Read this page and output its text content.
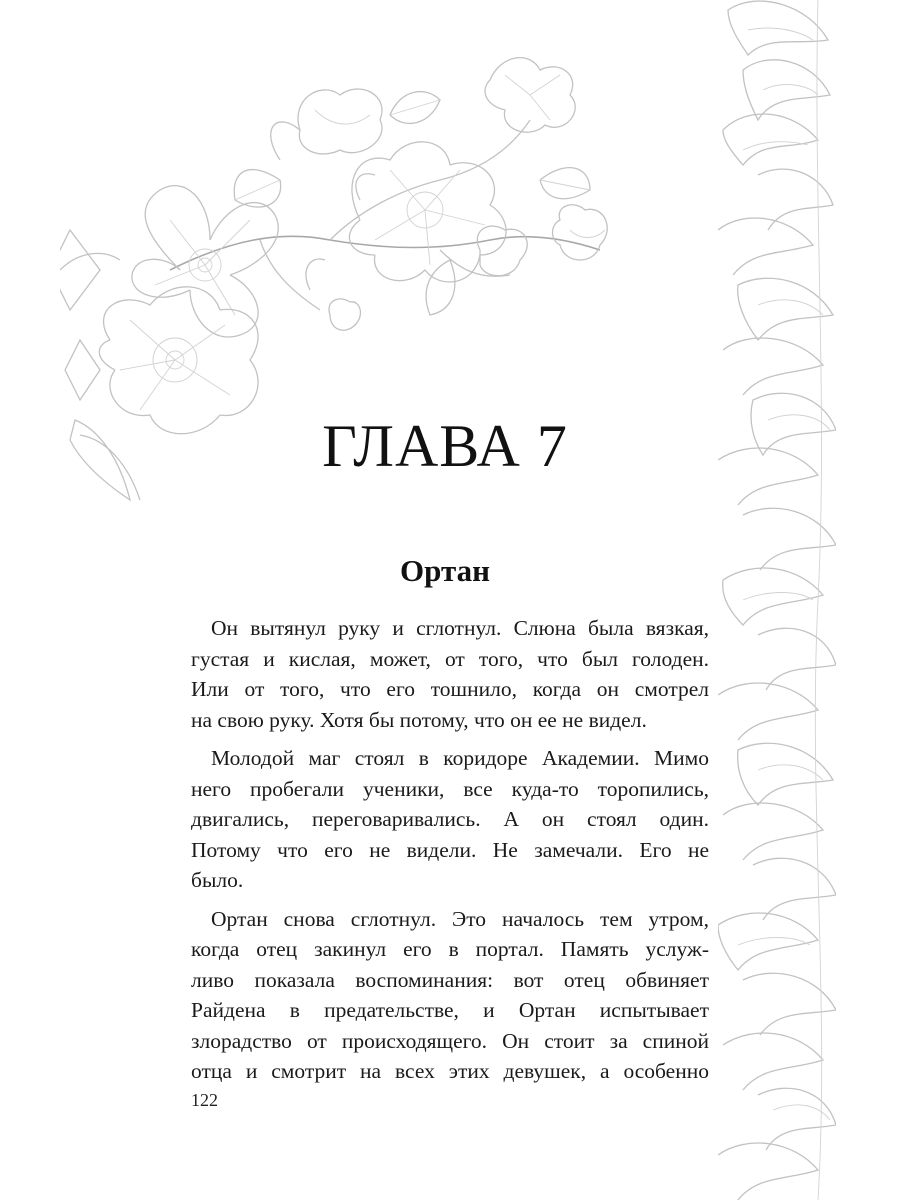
ГЛАВА 7
Ортан

Он вытянул руку и сглотнул. Слюна была вязкая,
густая и кислая, может, от того, что был голоден.
Или от того, что его тошнило, когда он смотрел
на свою руку. Хотя бы потому, что он ее не видел.

Молодой маг стоял в коридоре Академии. Мимо
него пробегали ученики, все куда-то торопились,
двигались, переговаривались. А он стоял один.
Потому что его не видели. Не замечали. Его не
было.

Ортан снова сглотнул. Это началось тем утром,
когда отец закинул его в портал. Память услуж-
ливо показала воспоминания: вот отец обвиняет
Райдена в предательстве, и Ортан испытывает
злорадство от происходящего. Он стоит за спиной
отца и смотрит на всех этих девушек, а особенно

122
